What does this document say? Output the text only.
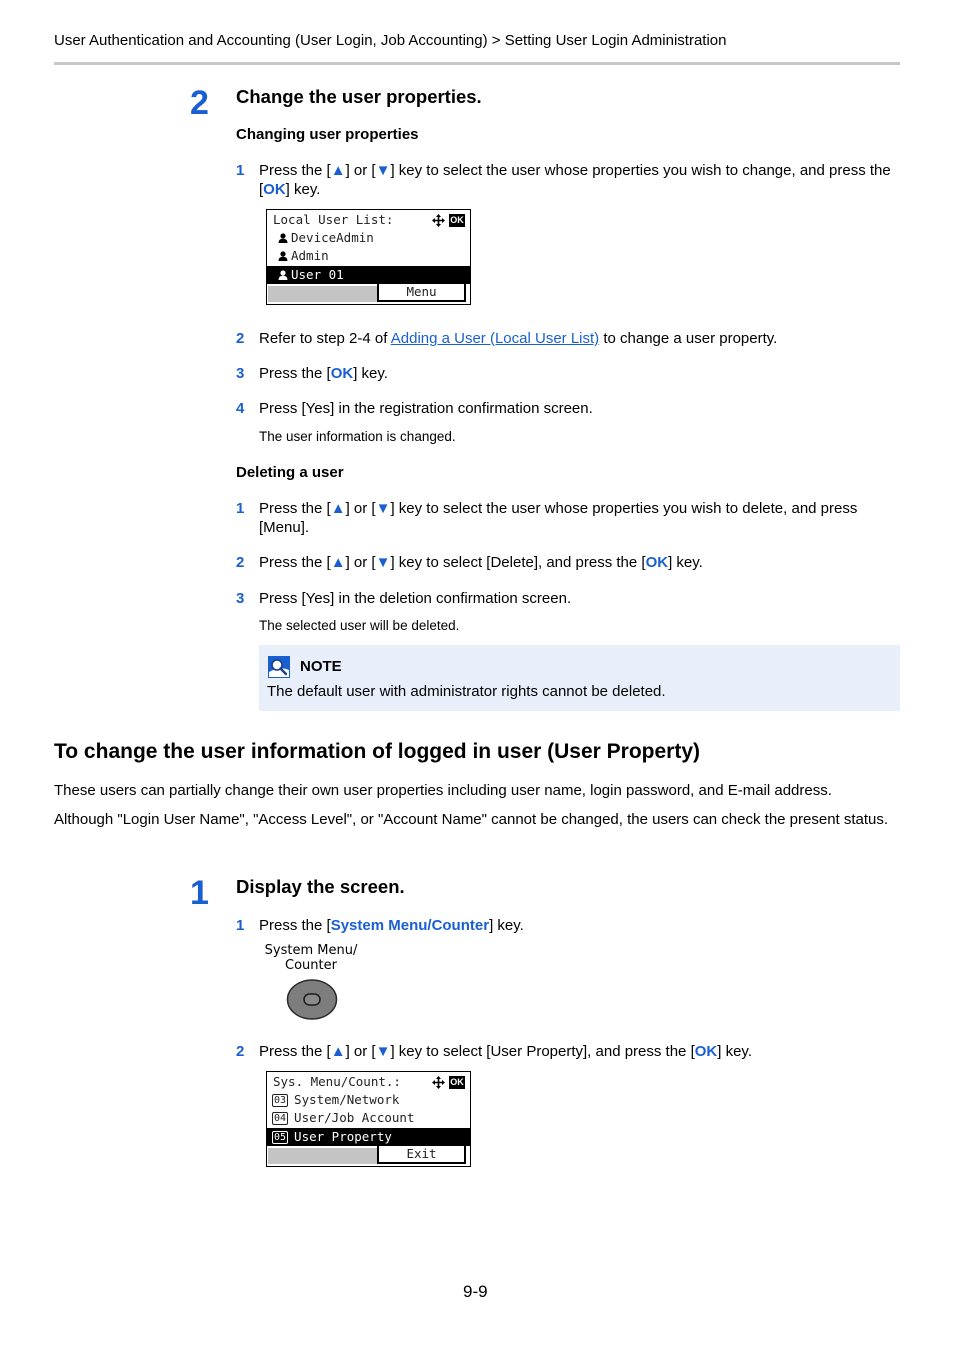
User Authentication and Accounting (User Login, Job Accounting) > Setting User Login Administration
2 Change the user properties.
Changing user properties
1 Press the [▲] or [▼] key to select the user whose properties you wish to change, and press the [OK] key.
Local User List:	OK
DeviceAdmin
Admin
User 01
Menu
2 Refer to step 2-4 of Adding a User (Local User List) to change a user property.
3 Press the [OK] key.
4 Press [Yes] in the registration confirmation screen.
The user information is changed.
Deleting a user
1 Press the [▲] or [▼] key to select the user whose properties you wish to delete, and press [Menu].
2 Press the [▲] or [▼] key to select [Delete], and press the [OK] key.
3 Press [Yes] in the deletion confirmation screen.
The selected user will be deleted.
NOTE
The default user with administrator rights cannot be deleted.
To change the user information of logged in user (User Property)
These users can partially change their own user properties including user name, login password, and E-mail address.
Although "Login User Name", "Access Level", or "Account Name" cannot be changed, the users can check the present status.
1 Display the screen.
1 Press the [System Menu/Counter] key.
System Menu/
Counter
2 Press the [▲] or [▼] key to select [User Property], and press the [OK] key.
Sys. Menu/Count.:	OK
03 System/Network
04 User/Job Account
05 User Property
Exit
9-9
